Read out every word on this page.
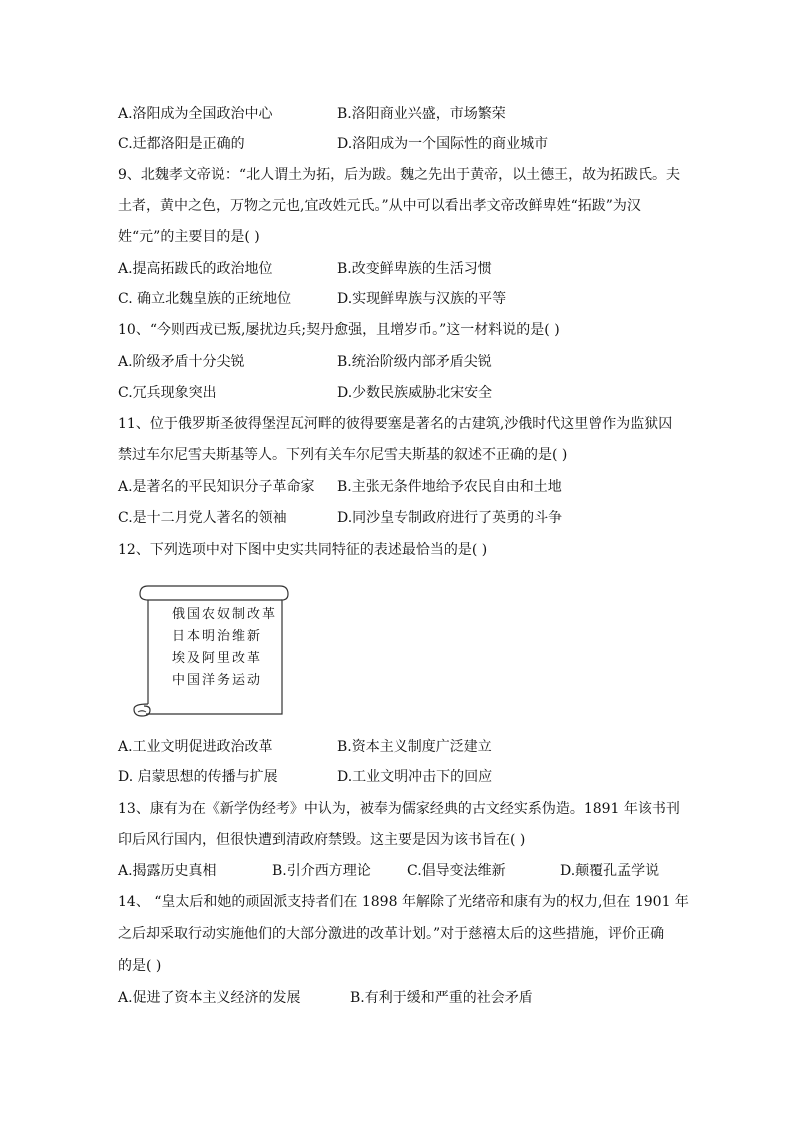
A.洛阳成为全国政治中心	B.洛阳商业兴盛，市场繁荣
C.迁都洛阳是正确的	D.洛阳成为一个国际性的商业城市
9、北魏孝文帝说：“北人谓土为拓，后为跋。魏之先出于黄帝，以土德王，故为拓跋氏。夫
土者，黄中之色，万物之元也,宜改姓元氏。”从中可以看出孝文帝改鲜卑姓“拓跋”为汉
姓“元”的主要目的是( )
A.提高拓跋氏的政治地位	B.改变鲜卑族的生活习惯
C. 确立北魏皇族的正统地位	D.实现鲜卑族与汉族的平等
10、“今则西戎已叛,屡扰边兵;契丹愈强，且增岁币。”这一材料说的是( )
A.阶级矛盾十分尖锐	B.统治阶级内部矛盾尖锐
C.冗兵现象突出	D.少数民族威胁北宋安全
11、位于俄罗斯圣彼得堡涅瓦河畔的彼得要塞是著名的古建筑,沙俄时代这里曾作为监狱囚
禁过车尔尼雪夫斯基等人。下列有关车尔尼雪夫斯基的叙述不正确的是( )
A.是著名的平民知识分子革命家 B.主张无条件地给予农民自由和土地
C.是十二月党人著名的领袖	D.同沙皇专制政府进行了英勇的斗争
12、下列选项中对下图中史实共同特征的表述最恰当的是( )
俄国农奴制改革
日本明治维新
埃及阿里改革
中国洋务运动
A.工业文明促进政治改革	B.资本主义制度广泛建立
D. 启蒙思想的传播与扩展	D.工业文明冲击下的回应
13、康有为在《新学伪经考》中认为，被奉为儒家经典的古文经实系伪造。1891 年该书刊
印后风行国内，但很快遭到清政府禁毁。这主要是因为该书旨在( )
A.揭露历史真相	B.引介西方理论	C.倡导变法维新	D.颠覆孔孟学说
14、 “皇太后和她的顽固派支持者们在 1898 年解除了光绪帝和康有为的权力,但在 1901 年
之后却采取行动实施他们的大部分激进的改革计划。”对于慈禧太后的这些措施，评价正确
的是( )
A.促进了资本主义经济的发展	B.有利于缓和严重的社会矛盾
